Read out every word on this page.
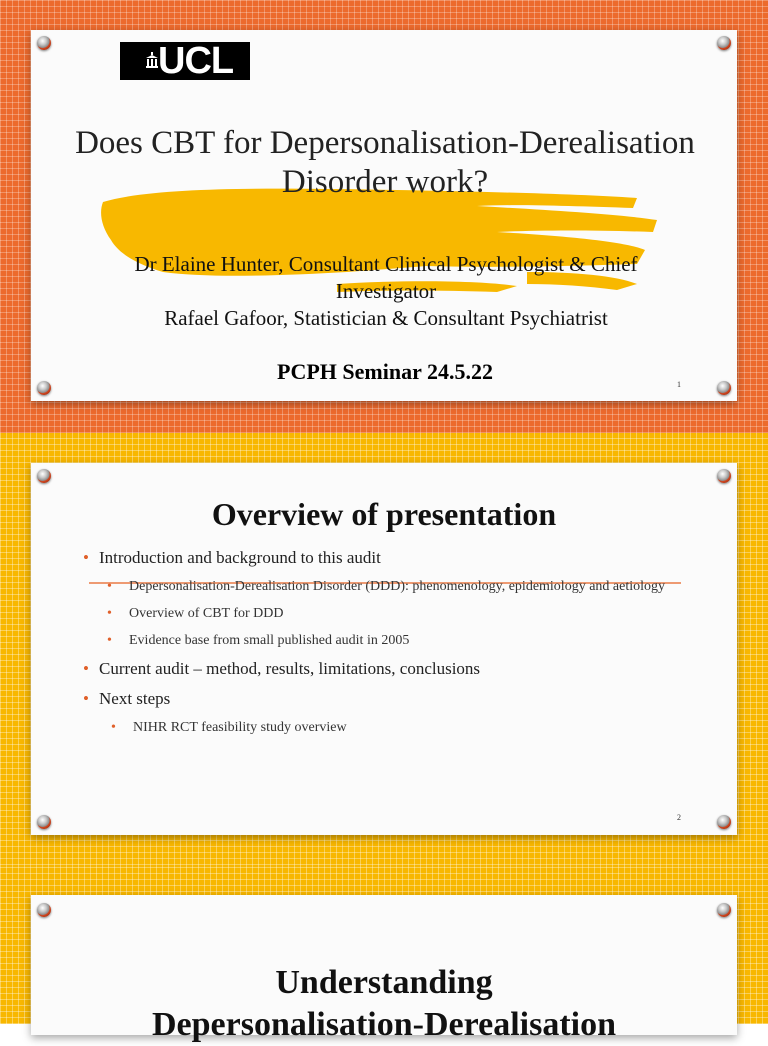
UCL
Does CBT for Depersonalisation-Derealisation Disorder work?
Dr Elaine Hunter, Consultant Clinical Psychologist & Chief Investigator
Rafael Gafoor, Statistician & Consultant Psychiatrist
PCPH Seminar 24.5.22
1
Overview of presentation
• Introduction and background to this audit
• Depersonalisation-Derealisation Disorder (DDD): phenomenology, epidemiology and aetiology
• Overview of CBT for DDD
• Evidence base from small published audit in 2005
• Current audit – method, results, limitations, conclusions
• Next steps
• NIHR RCT feasibility study overview
2
Understanding
Depersonalisation-Derealisation
